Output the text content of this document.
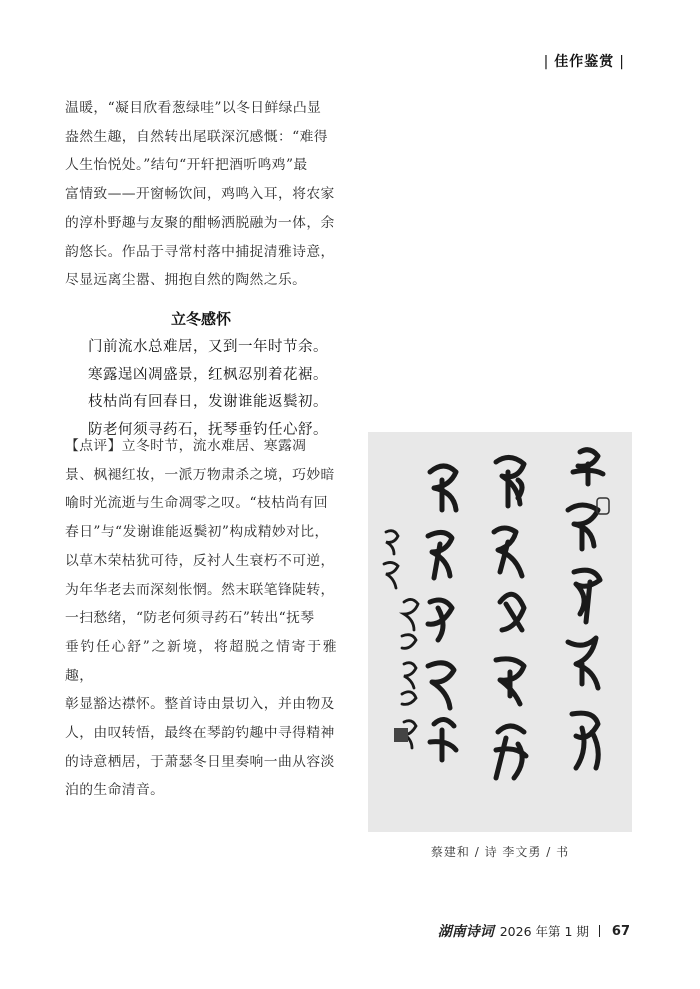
| 佳作鉴赏 |

温暖，“凝目欣看葱绿哇”以冬日鲜绿凸显

盎然生趣，自然转出尾联深沉感慨：“难得

人生怡悦处。”结句“开轩把酒听鸣鸡”最

富情致——开窗畅饮间，鸡鸣入耳，将农家

的淳朴野趣与友聚的酣畅洒脱融为一体，余

韵悠长。作品于寻常村落中捕捉清雅诗意，

尽显远离尘嚣、拥抱自然的陶然之乐。

立冬感怀

门前流水总难居，又到一年时节余。

寒露逞凶凋盛景，红枫忍别着花裾。

枝枯尚有回春日，发谢谁能返鬓初。

防老何须寻药石，抚琴垂钓任心舒。

【点评】立冬时节，流水难居、寒露凋

景、枫褪红妆，一派万物肃杀之境，巧妙暗

喻时光流逝与生命凋零之叹。“枝枯尚有回

春日”与“发谢谁能返鬓初”构成精妙对比，

以草木荣枯犹可待，反衬人生衰朽不可逆，

为年华老去而深刻怅惘。然末联笔锋陡转，

一扫愁绪，“防老何须寻药石”转出“抚琴

垂钓任心舒”之新境，将超脱之情寄于雅趣，

彰显豁达襟怀。整首诗由景切入，并由物及

人，由叹转悟，最终在琴韵钓趣中寻得精神

的诗意栖居，于萧瑟冬日里奏响一曲从容淡

泊的生命清音。

蔡建和 / 诗 李文勇 / 书
湖南诗词 2026 年第 1 期 67
